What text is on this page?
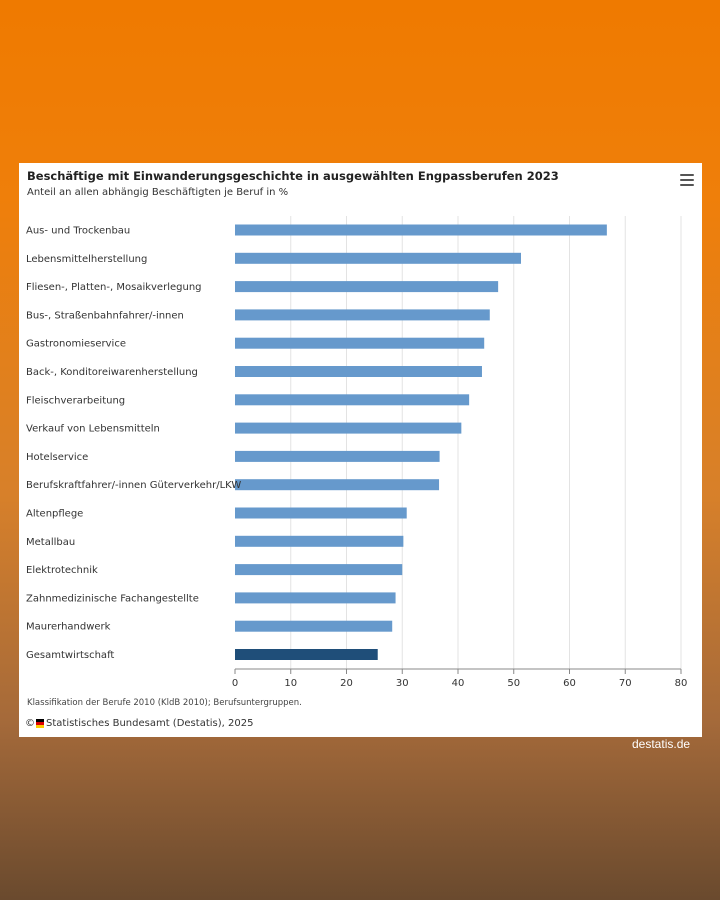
Beschäftige mit Einwanderungsgeschichte in ausgewählten Engpassberufen 2023
Anteil an allen abhängig Beschäftigten je Beruf in %
Aus- und Trockenbau
Lebensmittelherstellung
Fliesen-, Platten-, Mosaikverlegung
Bus-, Straßenbahnfahrer/-innen
Gastronomieservice
Back-, Konditoreiwarenherstellung
Fleischverarbeitung
Verkauf von Lebensmitteln
Hotelservice
Berufskraftfahrer/-innen Güterverkehr/LKW
Altenpflege
Metallbau
Elektrotechnik
Zahnmedizinische Fachangestellte
Maurerhandwerk
Gesamtwirtschaft
0	10	20	30	40	50	60	70	80
Klassifikation der Berufe 2010 (KldB 2010); Berufsuntergruppen.
© Statistisches Bundesamt (Destatis), 2025
destatis.de
